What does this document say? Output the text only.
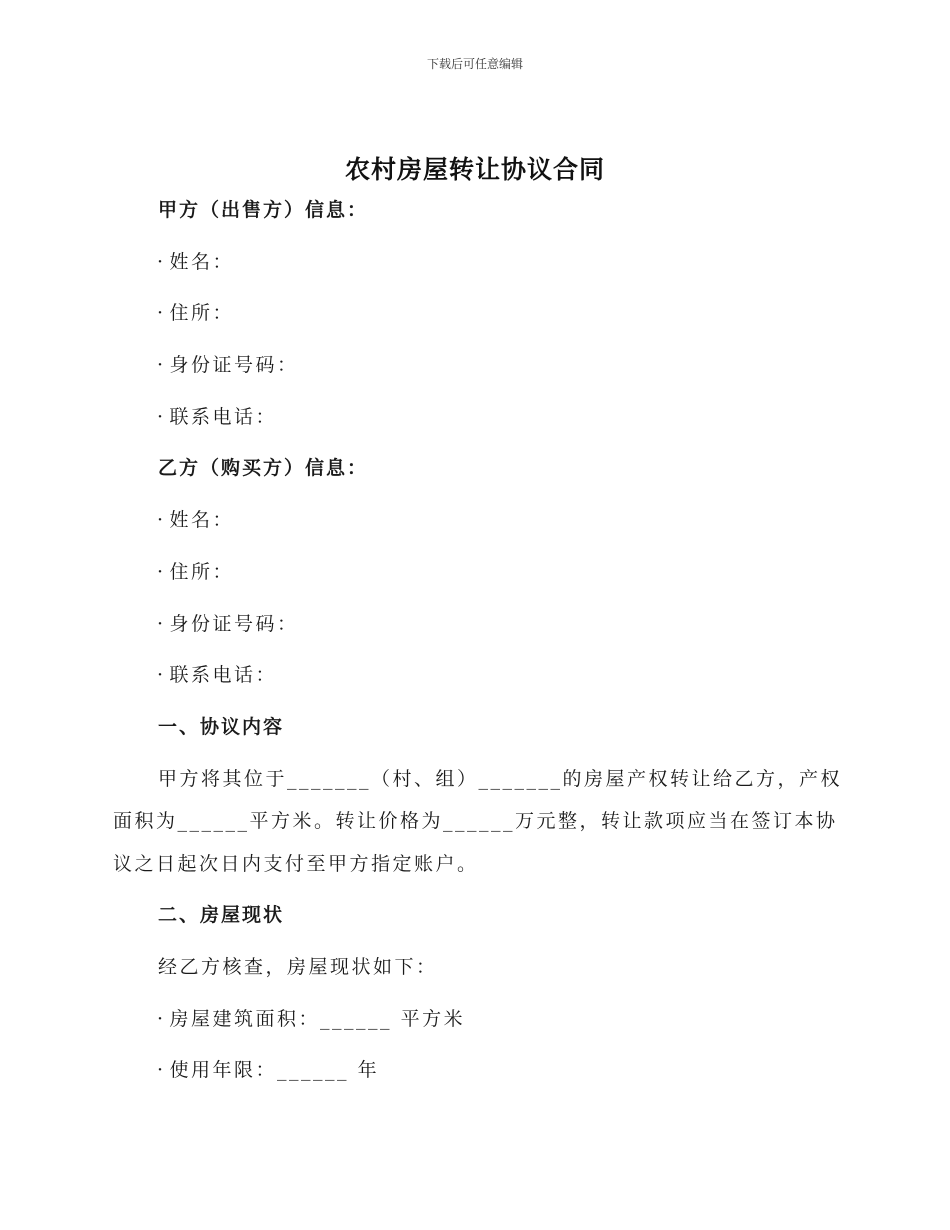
下载后可任意编辑
农村房屋转让协议合同
甲方（出售方）信息：
· 姓名：
· 住所：
· 身份证号码：
· 联系电话：
乙方（购买方）信息：
· 姓名：
· 住所：
· 身份证号码：
· 联系电话：
一、协议内容
甲方将其位于_______（村、组）_______的房屋产权转让给乙方，产权
面积为______平方米。转让价格为______万元整，转让款项应当在签订本协
议之日起次日内支付至甲方指定账户。
二、房屋现状
经乙方核查，房屋现状如下：
· 房屋建筑面积：______ 平方米
· 使用年限：______ 年
